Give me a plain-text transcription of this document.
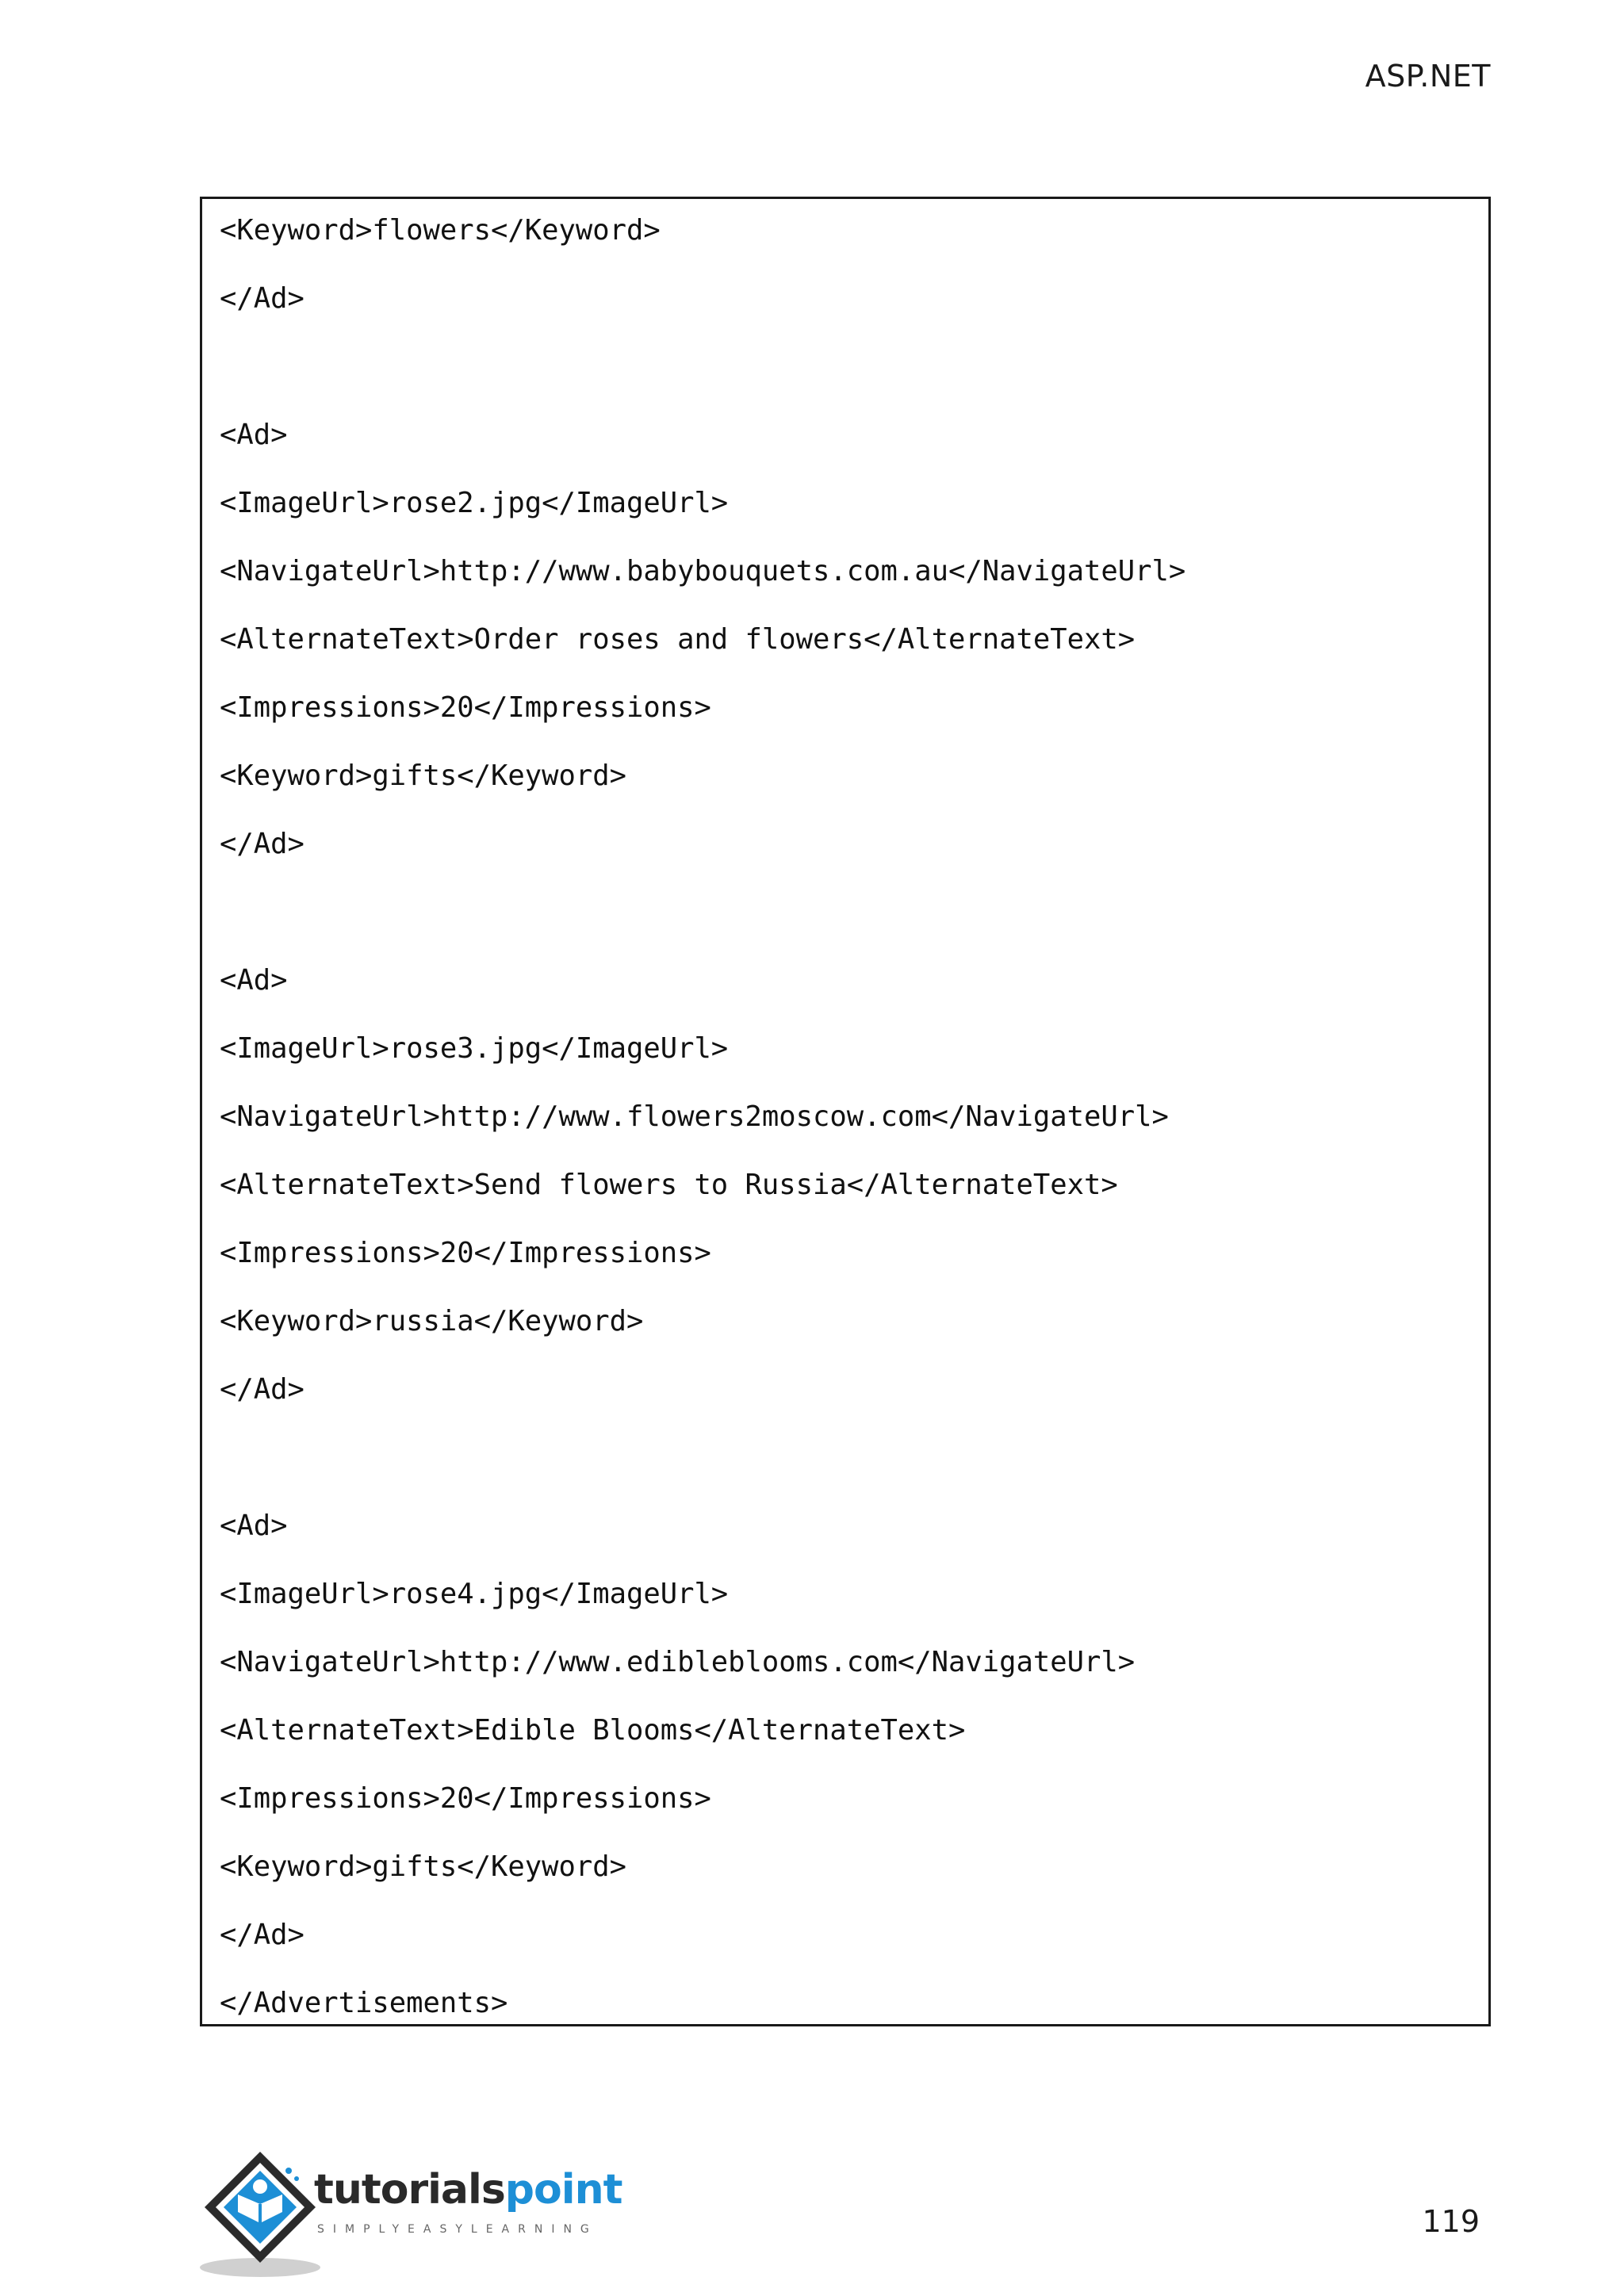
ASP.NET
<Keyword>flowers</Keyword>
</Ad>
<Ad>
<ImageUrl>rose2.jpg</ImageUrl>
<NavigateUrl>http://www.babybouquets.com.au</NavigateUrl>
<AlternateText>Order roses and flowers</AlternateText>
<Impressions>20</Impressions>
<Keyword>gifts</Keyword>
</Ad>
<Ad>
<ImageUrl>rose3.jpg</ImageUrl>
<NavigateUrl>http://www.flowers2moscow.com</NavigateUrl>
<AlternateText>Send flowers to Russia</AlternateText>
<Impressions>20</Impressions>
<Keyword>russia</Keyword>
</Ad>
<Ad>
<ImageUrl>rose4.jpg</ImageUrl>
<NavigateUrl>http://www.edibleblooms.com</NavigateUrl>
<AlternateText>Edible Blooms</AlternateText>
<Impressions>20</Impressions>
<Keyword>gifts</Keyword>
</Ad>
</Advertisements>
tutorialspoint
SIMPLYEASYLEARNING	119
